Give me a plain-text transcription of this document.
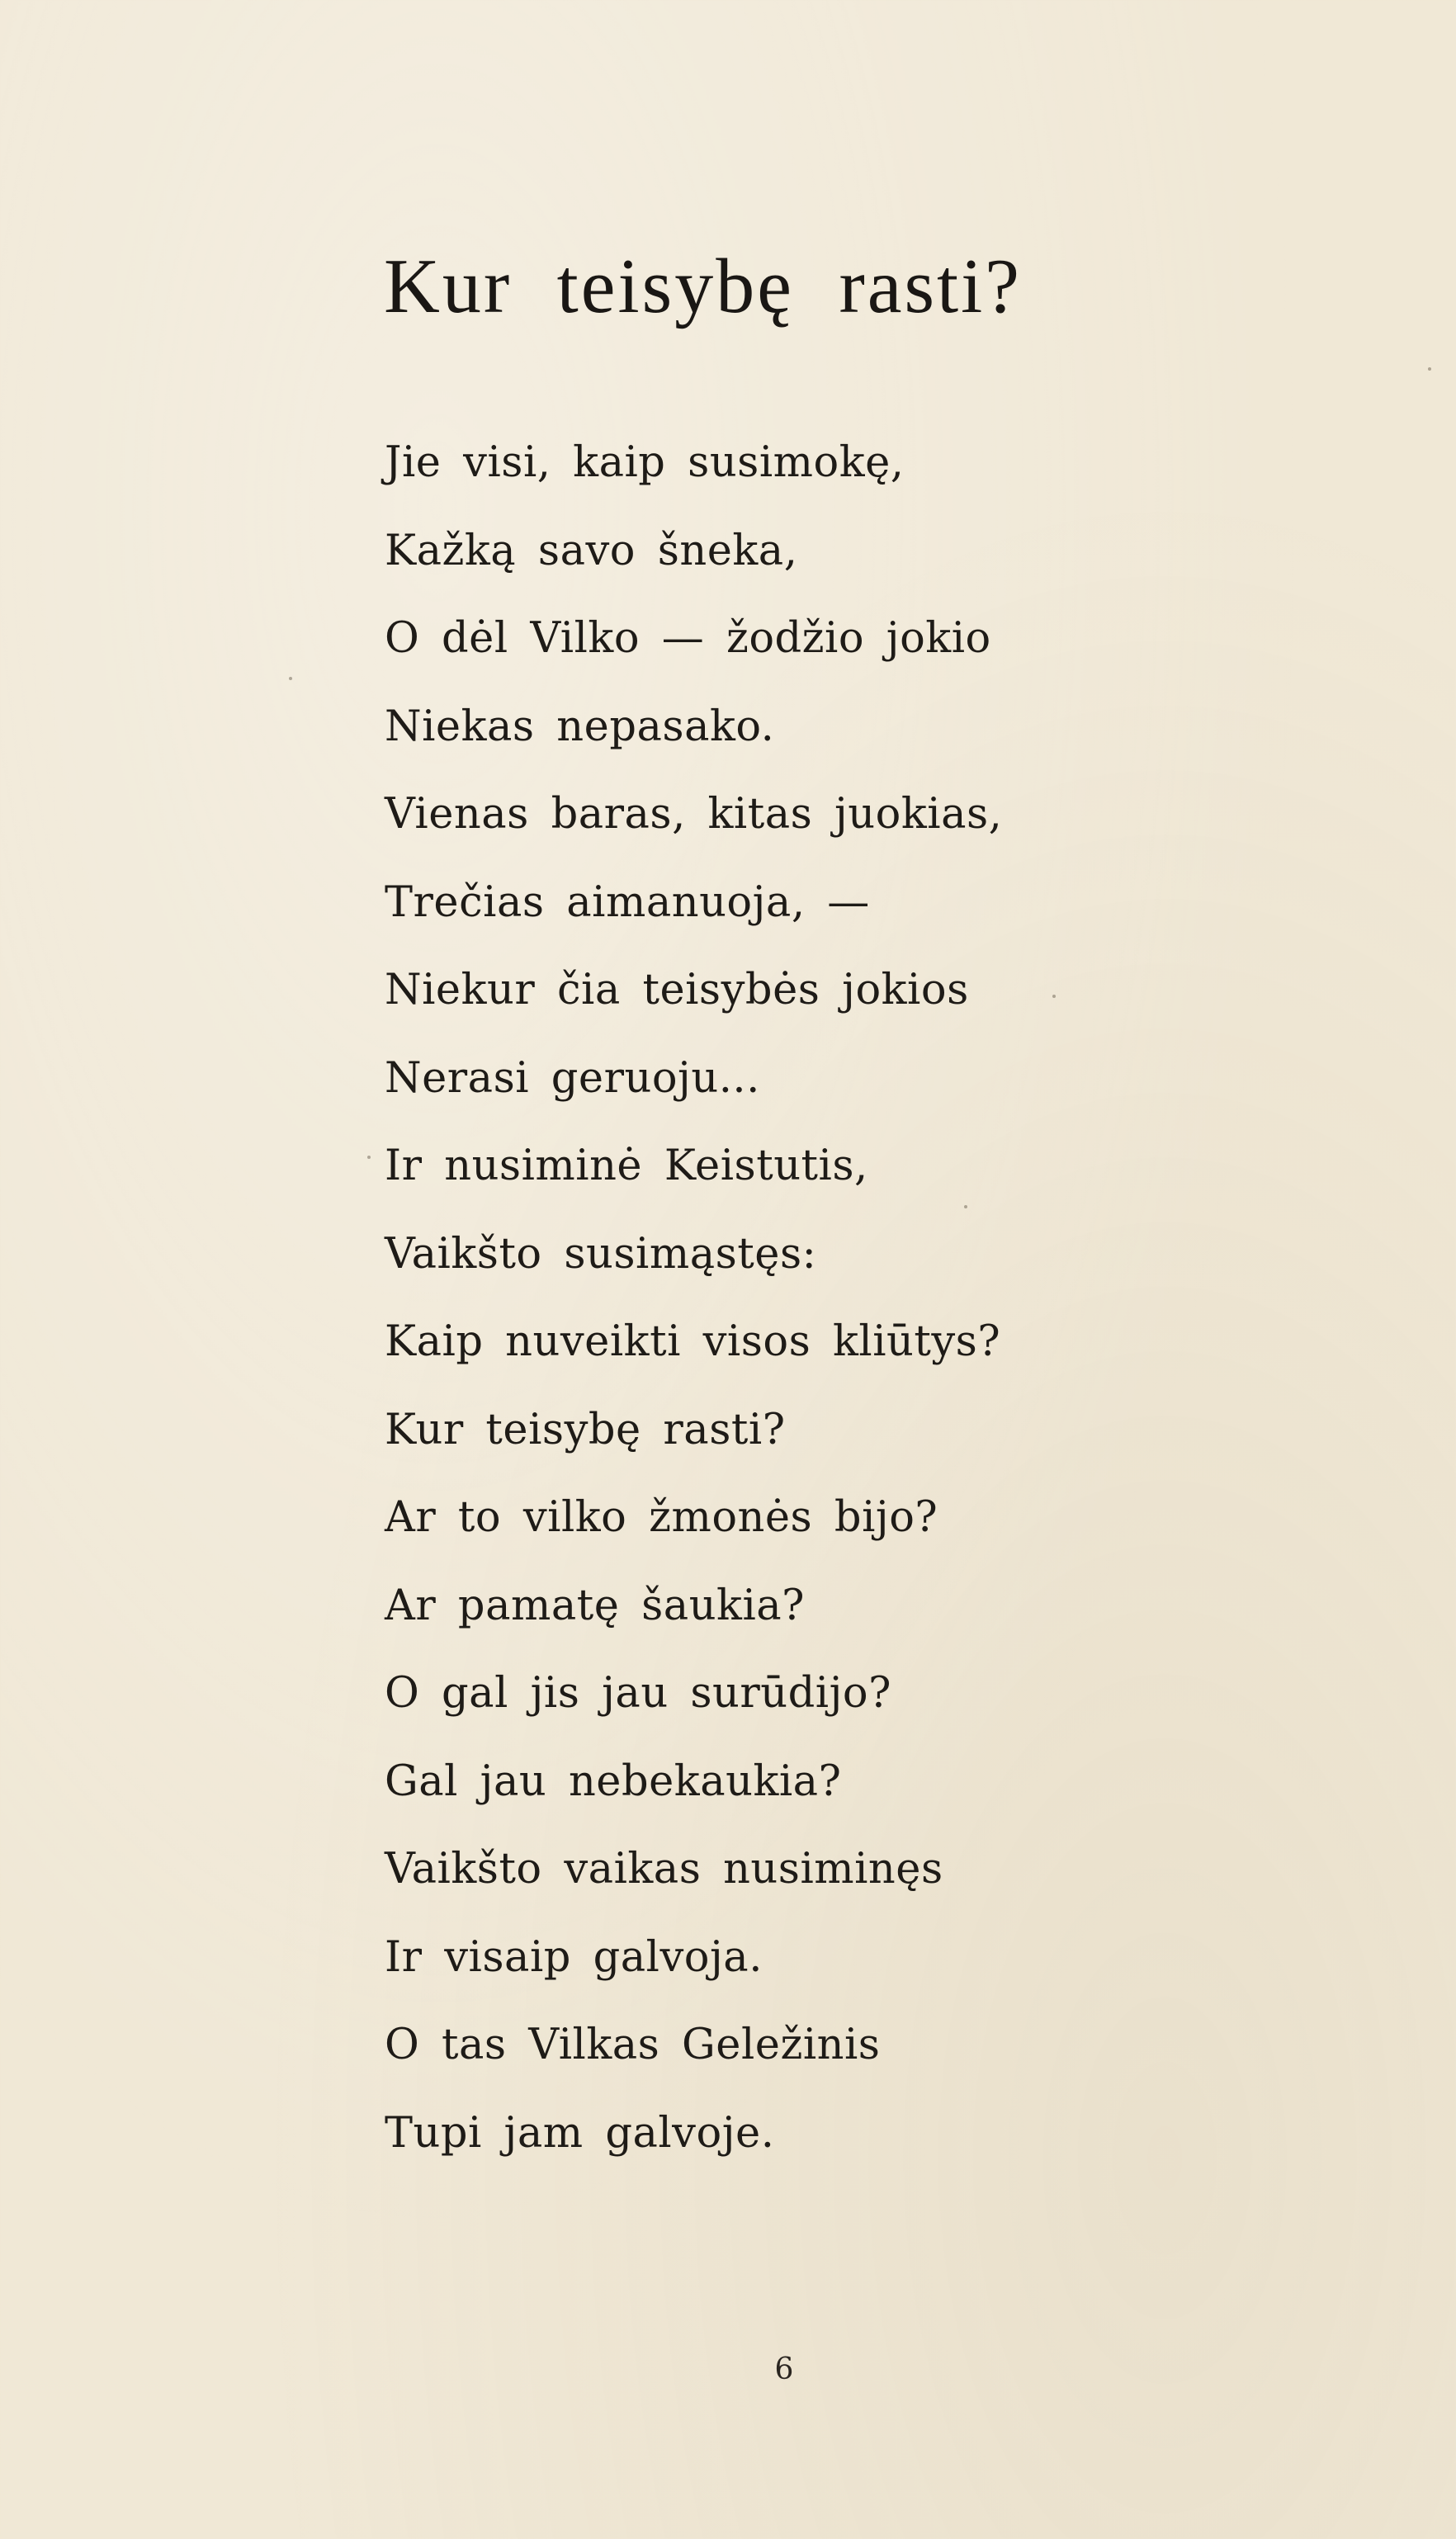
Kur teisybę rasti?
Jie visi, kaip susimokę,
Kažką savo šneka,
O dėl Vilko — žodžio jokio
Niekas nepasako.
Vienas baras, kitas juokias,
Trečias aimanuoja, —
Niekur čia teisybės jokios
Nerasi geruoju...
Ir nusiminė Keistutis,
Vaikšto susimąstęs:
Kaip nuveikti visos kliūtys?
Kur teisybę rasti?
Ar to vilko žmonės bijo?
Ar pamatę šaukia?
O gal jis jau surūdijo?
Gal jau nebekaukia?
Vaikšto vaikas nusiminęs
Ir visaip galvoja.
O tas Vilkas Geležinis
Tupi jam galvoje.
6
